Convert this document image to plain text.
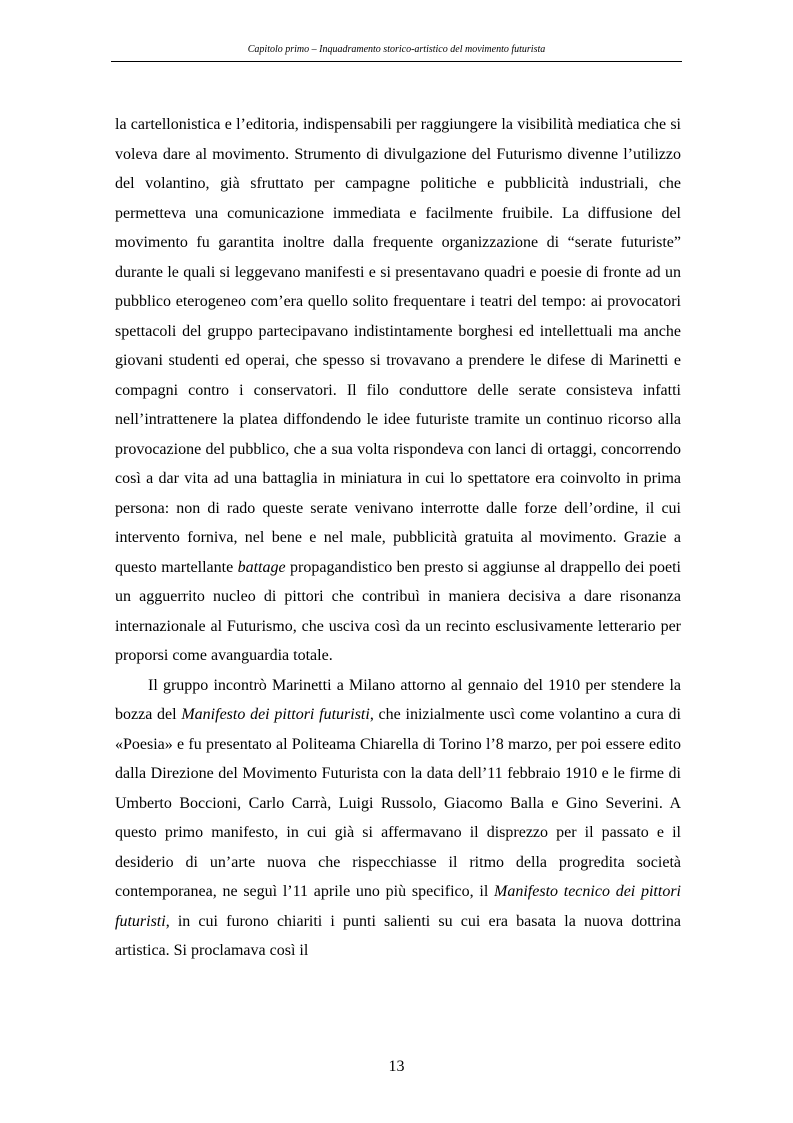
Capitolo primo – Inquadramento storico-artistico del movimento futurista

la cartellonistica e l’editoria, indispensabili per raggiungere la visibilità mediatica che si voleva dare al movimento. Strumento di divulgazione del Futurismo divenne l’utilizzo del volantino, già sfruttato per campagne politiche e pubblicità industriali, che permetteva una comunicazione immediata e facilmente fruibile. La diffusione del movimento fu garantita inoltre dalla frequente organizzazione di “serate futuriste” durante le quali si leggevano manifesti e si presentavano quadri e poesie di fronte ad un pubblico eterogeneo com’era quello solito frequentare i teatri del tempo: ai provocatori spettacoli del gruppo partecipavano indistintamente borghesi ed intellettuali ma anche giovani studenti ed operai, che spesso si trovavano a prendere le difese di Marinetti e compagni contro i conservatori. Il filo conduttore delle serate consisteva infatti nell’intrattenere la platea diffondendo le idee futuriste tramite un continuo ricorso alla provocazione del pubblico, che a sua volta rispondeva con lanci di ortaggi, concorrendo così a dar vita ad una battaglia in miniatura in cui lo spettatore era coinvolto in prima persona: non di rado queste serate venivano interrotte dalle forze dell’ordine, il cui intervento forniva, nel bene e nel male, pubblicità gratuita al movimento. Grazie a questo martellante battage propagandistico ben presto si aggiunse al drappello dei poeti un agguerrito nucleo di pittori che contribuì in maniera decisiva a dare risonanza internazionale al Futurismo, che usciva così da un recinto esclusivamente letterario per proporsi come avanguardia totale.

Il gruppo incontrò Marinetti a Milano attorno al gennaio del 1910 per stendere la bozza del Manifesto dei pittori futuristi, che inizialmente uscì come volantino a cura di «Poesia» e fu presentato al Politeama Chiarella di Torino l’8 marzo, per poi essere edito dalla Direzione del Movimento Futurista con la data dell’11 febbraio 1910 e le firme di Umberto Boccioni, Carlo Carrà, Luigi Russolo, Giacomo Balla e Gino Severini. A questo primo manifesto, in cui già si affermavano il disprezzo per il passato e il desiderio di un’arte nuova che rispecchiasse il ritmo della progredita società contemporanea, ne seguì l’11 aprile uno più specifico, il Manifesto tecnico dei pittori futuristi, in cui furono chiariti i punti salienti su cui era basata la nuova dottrina artistica. Si proclamava così il

13
